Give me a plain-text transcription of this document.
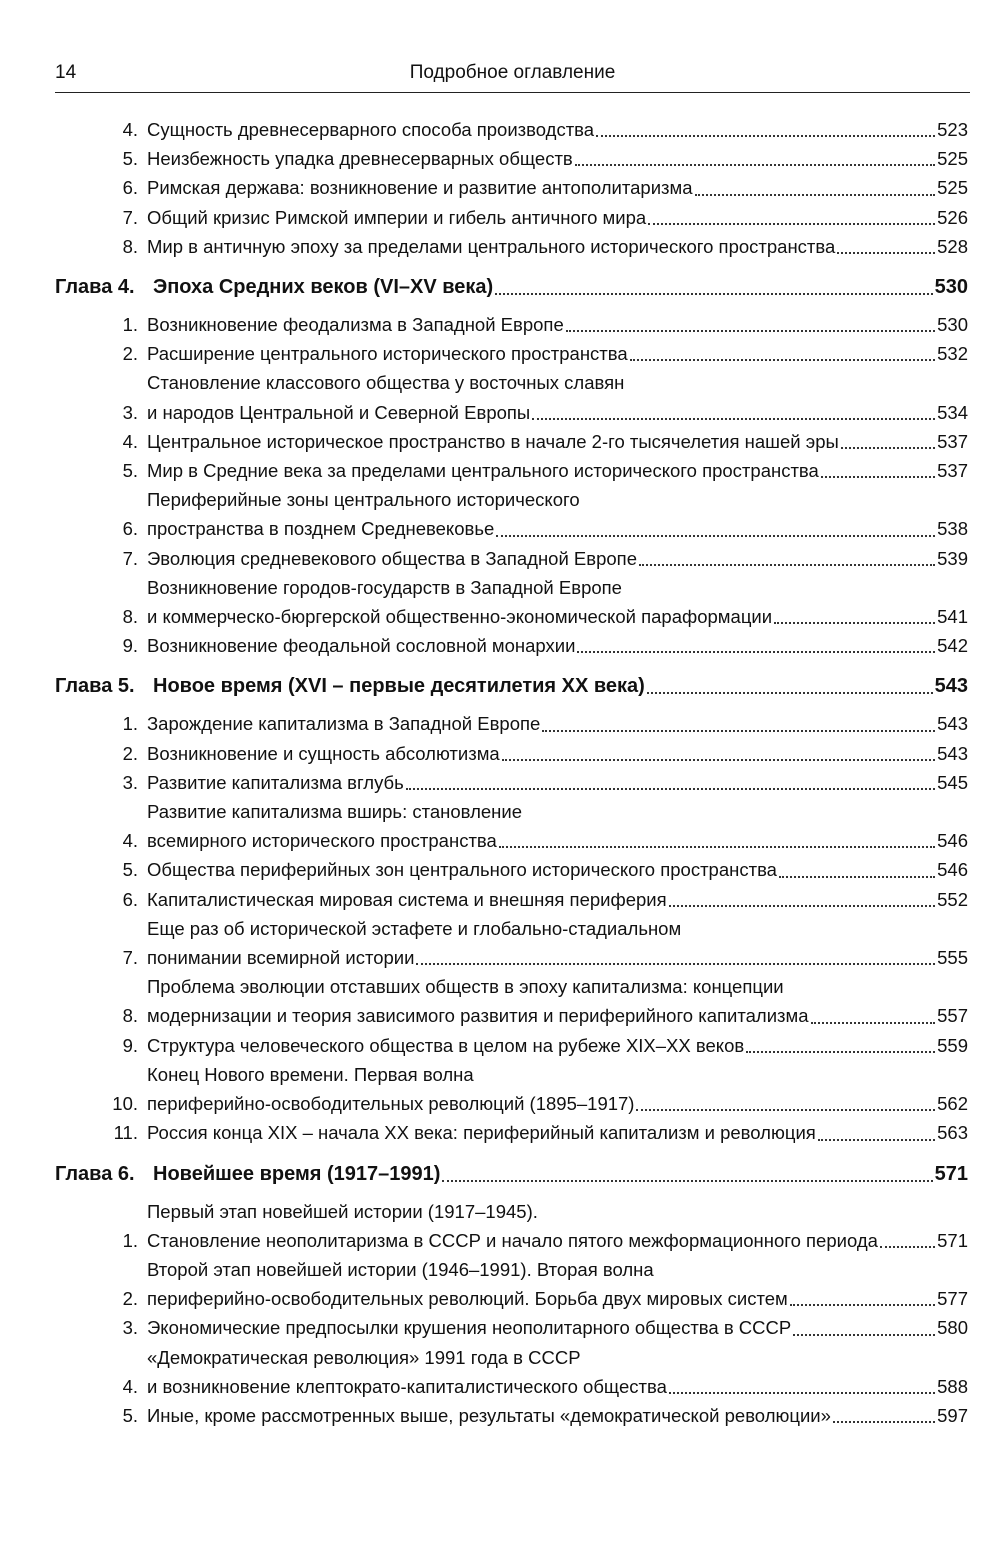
14	Подробное оглавление
4. Сущность древнесерварного способа производства	523
5. Неизбежность упадка древнесерварных обществ	525
6. Римская держава: возникновение и развитие антополитаризма	525
7. Общий кризис Римской империи и гибель античного мира	526
8. Мир в античную эпоху за пределами центрального исторического пространства	528
Глава 4. Эпоха Средних веков (VI–XV века)	530
1. Возникновение феодализма в Западной Европе	530
2. Расширение центрального исторического пространства	532
3.
Становление классового общества у восточных славян
и народов Центральной и Северной Европы	534
4. Центральное историческое пространство в начале 2-го тысячелетия нашей эры	537
5. Мир в Средние века за пределами центрального исторического пространства	537
6.
Периферийные зоны центрального исторического
пространства в позднем Средневековье	538
7. Эволюция средневекового общества в Западной Европе	539
8.
Возникновение городов-государств в Западной Европе
и коммерческо-бюргерской общественно-экономической параформации	541
9. Возникновение феодальной сословной монархии	542
Глава 5. Новое время (XVI – первые десятилетия XX века)	543
1. Зарождение капитализма в Западной Европе	543
2. Возникновение и сущность абсолютизма	543
3. Развитие капитализма вглубь	545
4.
Развитие капитализма вширь: становление
всемирного исторического пространства	546
5. Общества периферийных зон центрального исторического пространства	546
6. Капиталистическая мировая система и внешняя периферия	552
7.
Еще раз об исторической эстафете и глобально-стадиальном
понимании всемирной истории	555
8.
Проблема эволюции отставших обществ в эпоху капитализма: концепции
модернизации и теория зависимого развития и периферийного капитализма	557
9. Структура человеческого общества в целом на рубеже XIX–XX веков	559
10.
Конец Нового времени. Первая волна
периферийно-освободительных революций (1895–1917)	562
11. Россия конца XIX – начала XX века: периферийный капитализм и революция	563
Глава 6. Новейшее время (1917–1991)	571
1.
Первый этап новейшей истории (1917–1945).
Становление неополитаризма в СССР и начало пятого межформационного периода	571
2.
Второй этап новейшей истории (1946–1991). Вторая волна
периферийно-освободительных революций. Борьба двух мировых систем	577
3. Экономические предпосылки крушения неополитарного общества в СССР	580
4.
«Демократическая революция» 1991 года в СССР
и возникновение клептократо-капиталистического общества	588
5. Иные, кроме рассмотренных выше, результаты «демократической революции»	597
